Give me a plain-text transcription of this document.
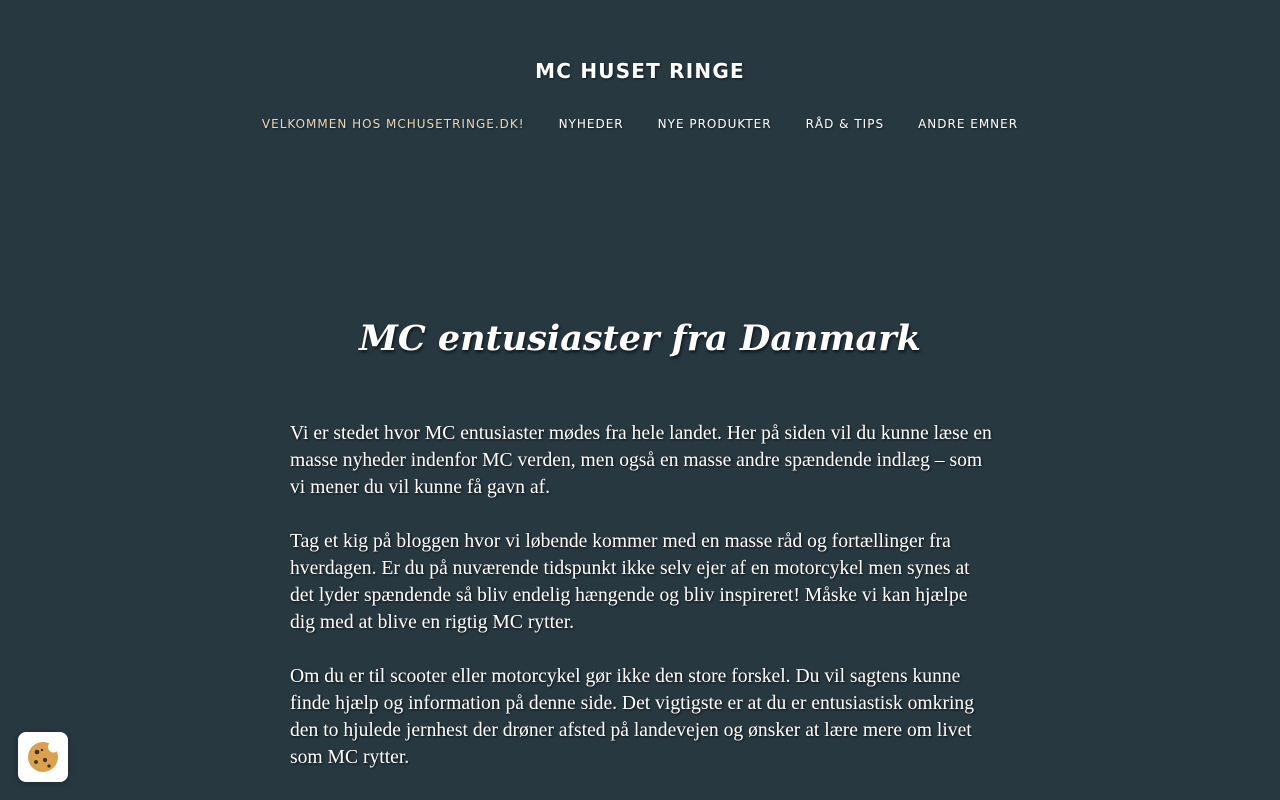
MC HUSET RINGE
VELKOMMEN HOS MCHUSETRINGE.DK!	NYHEDER	NYE PRODUKTER	RÅD & TIPS	ANDRE EMNER
MC entusiaster fra Danmark

Vi er stedet hvor MC entusiaster mødes fra hele landet. Her på siden vil du kunne læse en masse nyheder indenfor MC verden, men også en masse andre spændende indlæg – som vi mener du vil kunne få gavn af.

Tag et kig på bloggen hvor vi løbende kommer med en masse råd og fortællinger fra hverdagen. Er du på nuværende tidspunkt ikke selv ejer af en motorcykel men synes at det lyder spændende så bliv endelig hængende og bliv inspireret! Måske vi kan hjælpe dig med at blive en rigtig MC rytter.

Om du er til scooter eller motorcykel gør ikke den store forskel. Du vil sagtens kunne finde hjælp og information på denne side. Det vigtigste er at du er entusiastisk omkring den to hjulede jernhest der drøner afsted på landevejen og ønsker at lære mere om livet som MC rytter.
